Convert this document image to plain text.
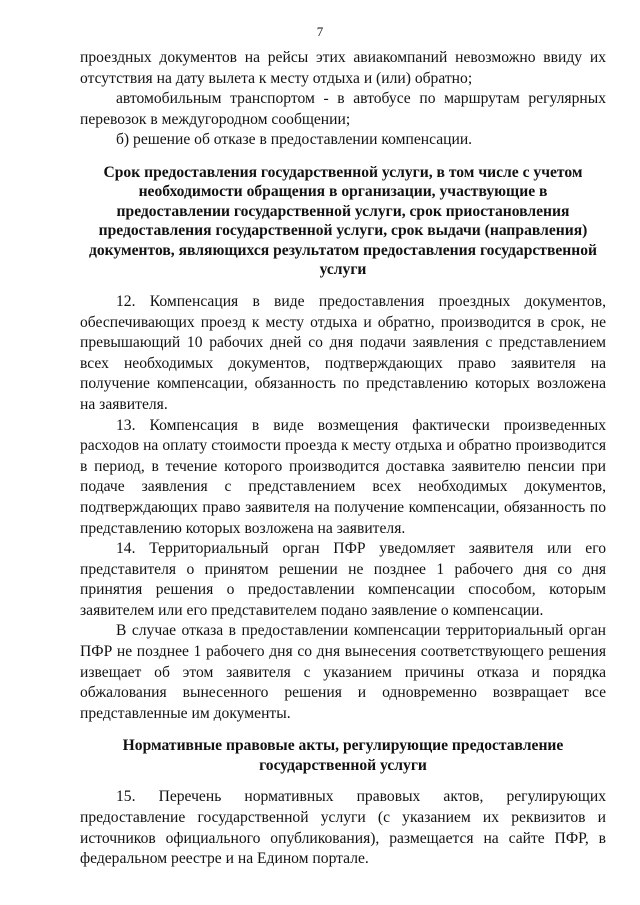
7

проездных документов на рейсы этих авиакомпаний невозможно ввиду их отсутствия на дату вылета к месту отдыха и (или) обратно;

автомобильным транспортом - в автобусе по маршрутам регулярных перевозок в междугородном сообщении;

б) решение об отказе в предоставлении компенсации.

Срок предоставления государственной услуги, в том числе с учетом необходимости обращения в организации, участвующие в предоставлении государственной услуги, срок приостановления предоставления государственной услуги, срок выдачи (направления) документов, являющихся результатом предоставления государственной услуги

12. Компенсация в виде предоставления проездных документов, обеспечивающих проезд к месту отдыха и обратно, производится в срок, не превышающий 10 рабочих дней со дня подачи заявления с представлением всех необходимых документов, подтверждающих право заявителя на получение компенсации, обязанность по представлению которых возложена на заявителя.

13. Компенсация в виде возмещения фактически произведенных расходов на оплату стоимости проезда к месту отдыха и обратно производится в период, в течение которого производится доставка заявителю пенсии при подаче заявления с представлением всех необходимых документов, подтверждающих право заявителя на получение компенсации, обязанность по представлению которых возложена на заявителя.

14. Территориальный орган ПФР уведомляет заявителя или его представителя о принятом решении не позднее 1 рабочего дня со дня принятия решения о предоставлении компенсации способом, которым заявителем или его представителем подано заявление о компенсации.

В случае отказа в предоставлении компенсации территориальный орган ПФР не позднее 1 рабочего дня со дня вынесения соответствующего решения извещает об этом заявителя с указанием причины отказа и порядка обжалования вынесенного решения и одновременно возвращает все представленные им документы.

Нормативные правовые акты, регулирующие предоставление государственной услуги

15. Перечень нормативных правовых актов, регулирующих предоставление государственной услуги (с указанием их реквизитов и источников официального опубликования), размещается на сайте ПФР, в федеральном реестре и на Едином портале.
